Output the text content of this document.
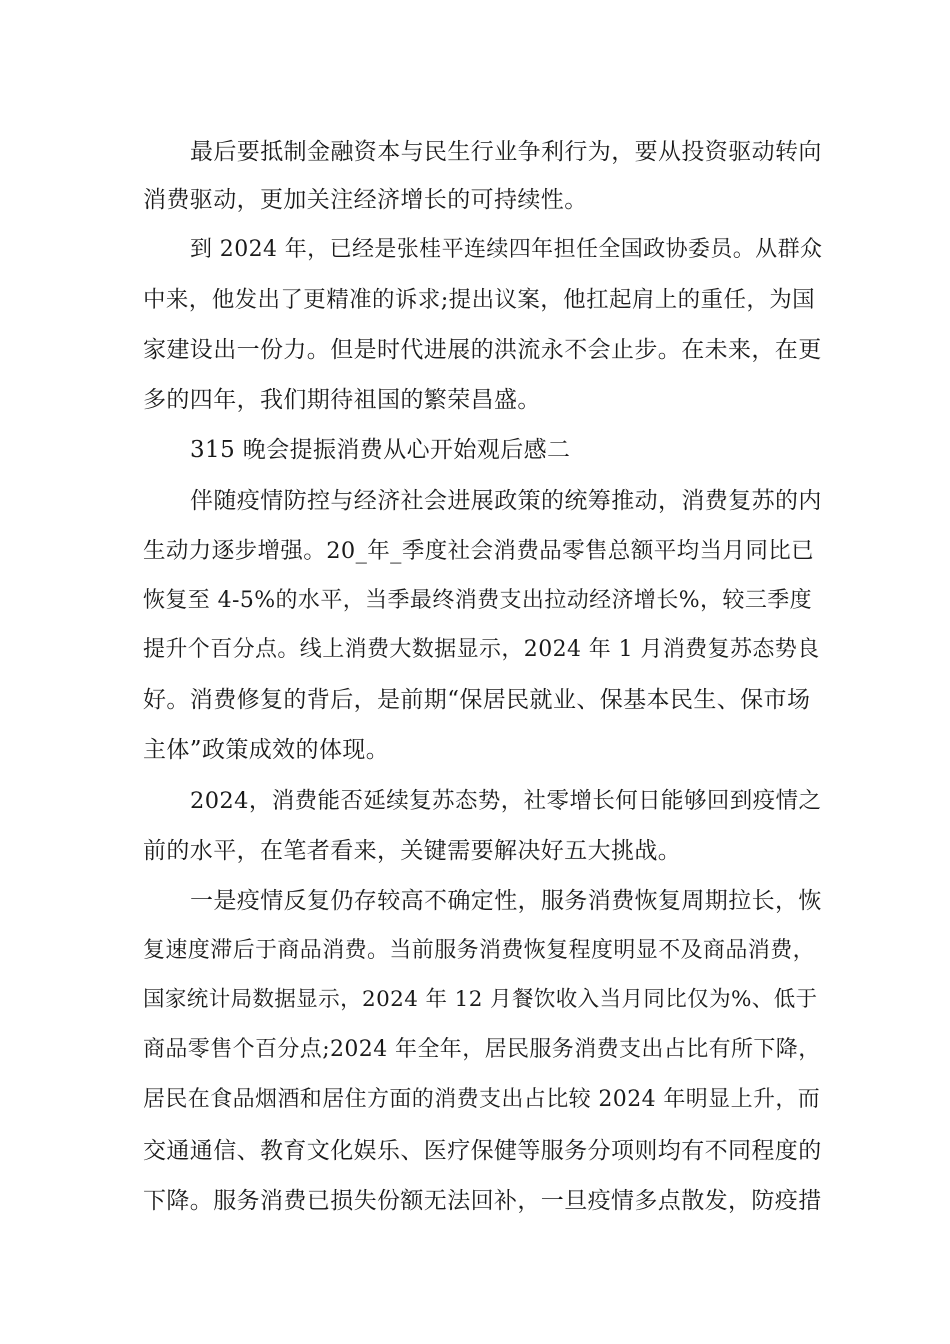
最后要抵制金融资本与民生行业争利行为，要从投资驱动转向
消费驱动，更加关注经济增长的可持续性。
到 2024 年，已经是张桂平连续四年担任全国政协委员。从群众
中来，他发出了更精准的诉求;提出议案，他扛起肩上的重任，为国
家建设出一份力。但是时代进展的洪流永不会止步。在未来，在更
多的四年，我们期待祖国的繁荣昌盛。
315 晚会提振消费从心开始观后感二
伴随疫情防控与经济社会进展政策的统筹推动，消费复苏的内
生动力逐步增强。20_年_季度社会消费品零售总额平均当月同比已
恢复至 4-5%的水平，当季最终消费支出拉动经济增长%，较三季度
提升个百分点。线上消费大数据显示，2024 年 1 月消费复苏态势良
好。消费修复的背后，是前期“保居民就业、保基本民生、保市场
主体”政策成效的体现。
2024，消费能否延续复苏态势，社零增长何日能够回到疫情之
前的水平，在笔者看来，关键需要解决好五大挑战。
一是疫情反复仍存较高不确定性，服务消费恢复周期拉长，恢
复速度滞后于商品消费。当前服务消费恢复程度明显不及商品消费，
国家统计局数据显示，2024 年 12 月餐饮收入当月同比仅为%、低于
商品零售个百分点;2024 年全年，居民服务消费支出占比有所下降，
居民在食品烟酒和居住方面的消费支出占比较 2024 年明显上升，而
交通通信、教育文化娱乐、医疗保健等服务分项则均有不同程度的
下降。服务消费已损失份额无法回补，一旦疫情多点散发，防疫措
